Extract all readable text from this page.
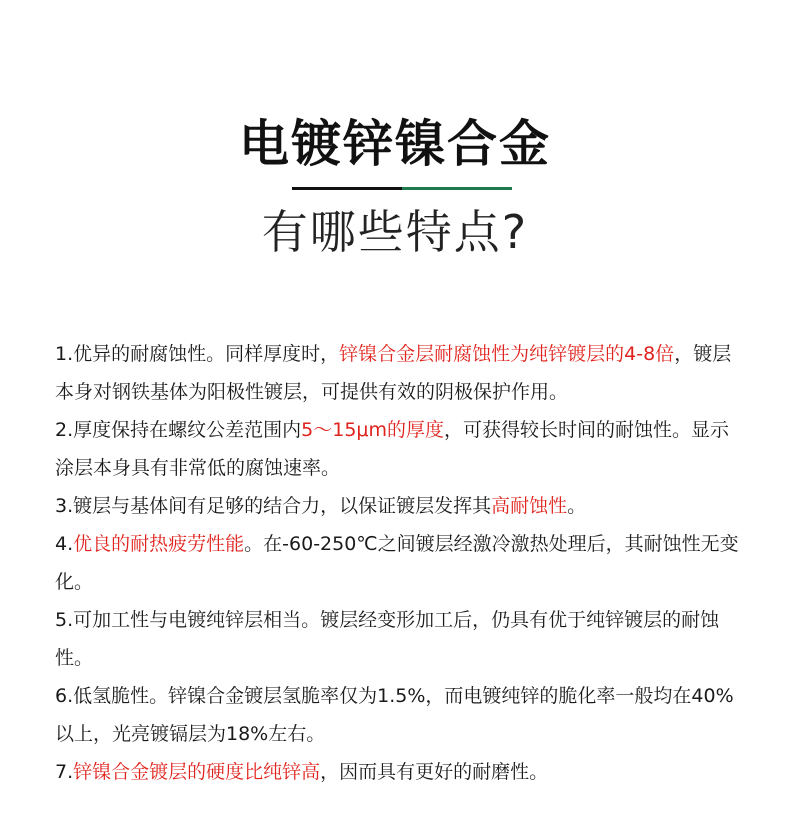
电镀锌镍合金
有哪些特点?

1.优异的耐腐蚀性。同样厚度时，锌镍合金层耐腐蚀性为纯锌镀层的4-8倍，镀层本身对钢铁基体为阳极性镀层，可提供有效的阴极保护作用。

2.厚度保持在螺纹公差范围内5～15μm的厚度，可获得较长时间的耐蚀性。显示涂层本身具有非常低的腐蚀速率。

3.镀层与基体间有足够的结合力，以保证镀层发挥其高耐蚀性。

4.优良的耐热疲劳性能。在-60-250℃之间镀层经激冷激热处理后，其耐蚀性无变化。

5.可加工性与电镀纯锌层相当。镀层经变形加工后，仍具有优于纯锌镀层的耐蚀性。

6.低氢脆性。锌镍合金镀层氢脆率仅为1.5%，而电镀纯锌的脆化率一般均在40%以上，光亮镀镉层为18%左右。

7.锌镍合金镀层的硬度比纯锌高，因而具有更好的耐磨性。
